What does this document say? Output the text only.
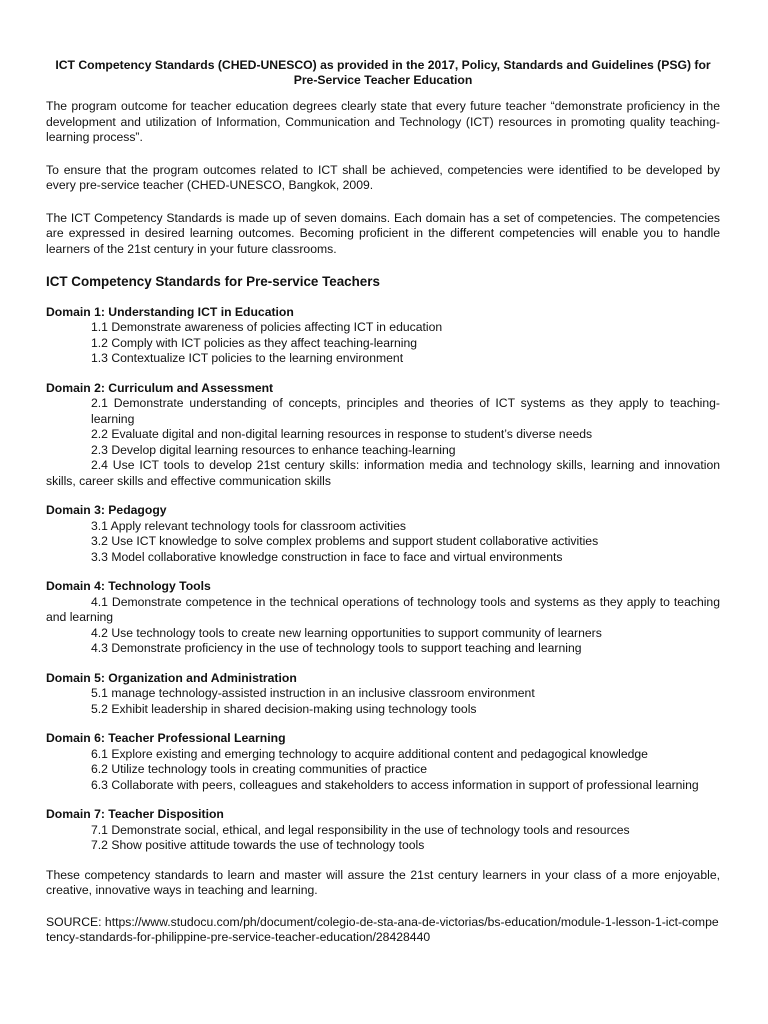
ICT Competency Standards (CHED-UNESCO) as provided in the 2017, Policy, Standards and Guidelines (PSG) for Pre-Service Teacher Education

The program outcome for teacher education degrees clearly state that every future teacher “demonstrate proficiency in the development and utilization of Information, Communication and Technology (ICT) resources in promoting quality teaching-learning process”.

To ensure that the program outcomes related to ICT shall be achieved, competencies were identified to be developed by every pre-service teacher (CHED-UNESCO, Bangkok, 2009.

The ICT Competency Standards is made up of seven domains. Each domain has a set of competencies. The competencies are expressed in desired learning outcomes. Becoming proficient in the different competencies will enable you to handle learners of the 21st century in your future classrooms.

ICT Competency Standards for Pre-service Teachers
Domain 1: Understanding ICT in Education
1.1 Demonstrate awareness of policies affecting ICT in education
1.2 Comply with ICT policies as they affect teaching-learning
1.3 Contextualize ICT policies to the learning environment
Domain 2: Curriculum and Assessment
2.1 Demonstrate understanding of concepts, principles and theories of ICT systems as they apply to teaching-learning
2.2 Evaluate digital and non-digital learning resources in response to student’s diverse needs
2.3 Develop digital learning resources to enhance teaching-learning
2.4 Use ICT tools to develop 21st century skills: information media and technology skills, learning and innovation skills, career skills and effective communication skills
Domain 3: Pedagogy
3.1 Apply relevant technology tools for classroom activities
3.2 Use ICT knowledge to solve complex problems and support student collaborative activities
3.3 Model collaborative knowledge construction in face to face and virtual environments
Domain 4: Technology Tools
4.1 Demonstrate competence in the technical operations of technology tools and systems as they apply to teaching and learning
4.2 Use technology tools to create new learning opportunities to support community of learners
4.3 Demonstrate proficiency in the use of technology tools to support teaching and learning
Domain 5: Organization and Administration
5.1 manage technology-assisted instruction in an inclusive classroom environment
5.2 Exhibit leadership in shared decision-making using technology tools
Domain 6: Teacher Professional Learning
6.1 Explore existing and emerging technology to acquire additional content and pedagogical knowledge
6.2 Utilize technology tools in creating communities of practice
6.3 Collaborate with peers, colleagues and stakeholders to access information in support of professional learning
Domain 7: Teacher Disposition
7.1 Demonstrate social, ethical, and legal responsibility in the use of technology tools and resources
7.2 Show positive attitude towards the use of technology tools

These competency standards to learn and master will assure the 21st century learners in your class of a more enjoyable, creative, innovative ways in teaching and learning.

SOURCE: https://www.studocu.com/ph/document/colegio-de-sta-ana-de-victorias/bs-education/module-1-lesson-1-ict-competency-standards-for-philippine-pre-service-teacher-education/28428440
